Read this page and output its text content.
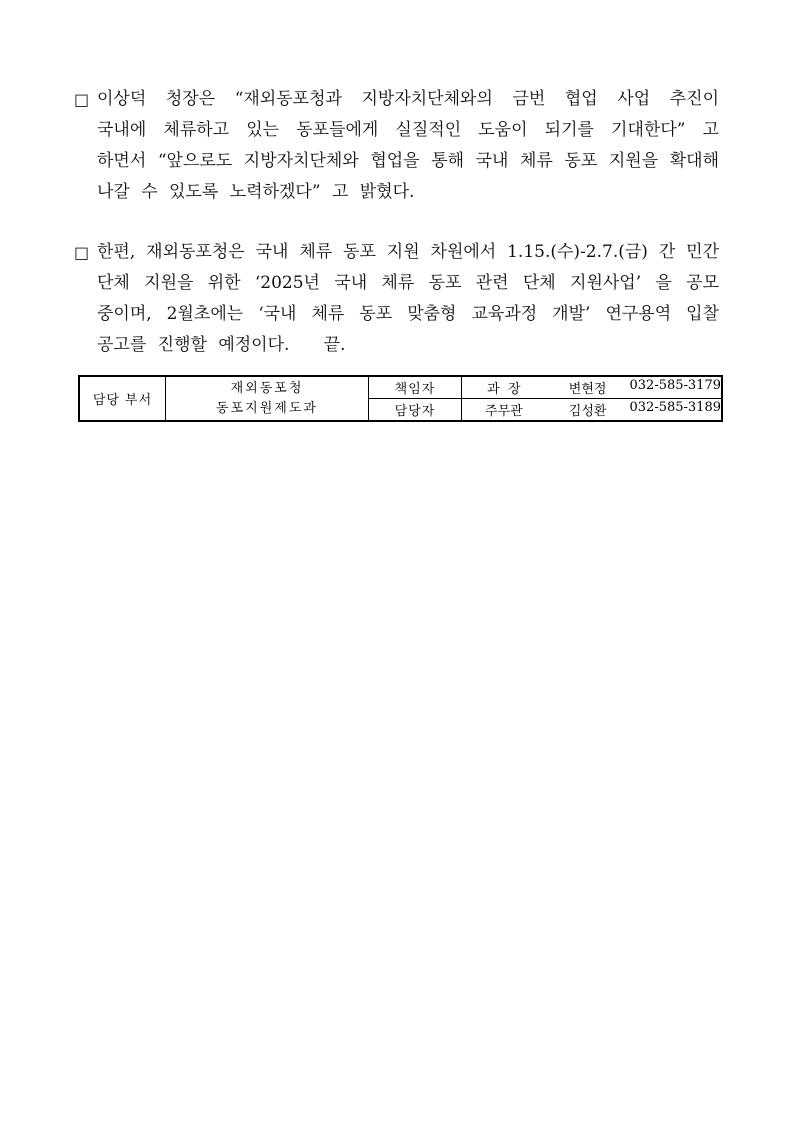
□ 이상덕 청장은 “재외동포청과 지방자치단체와의 금번 협업 사업 추진이
국내에 체류하고 있는 동포들에게 실질적인 도움이 되기를 기대한다” 고
하면서 “앞으로도 지방자치단체와 협업을 통해 국내 체류 동포 지원을 확대해
나갈 수 있도록 노력하겠다” 고 밝혔다.
□ 한편, 재외동포청은 국내 체류 동포 지원 차원에서 1.15.(수)-2.7.(금) 간 민간
단체 지원을 위한 ‘2025년 국내 체류 동포 관련 단체 지원사업’ 을 공모
중이며, 2월초에는 ‘국내 체류 동포 맞춤형 교육과정 개발’ 연구용역 입찰
공고를 진행할 예정이다.   끝.
담당 부서	
재외동포청
동포지원제도과
	책임자	과  장	변현정	032-585-3179

		담당자	주무관 김성환 032-585-3189
